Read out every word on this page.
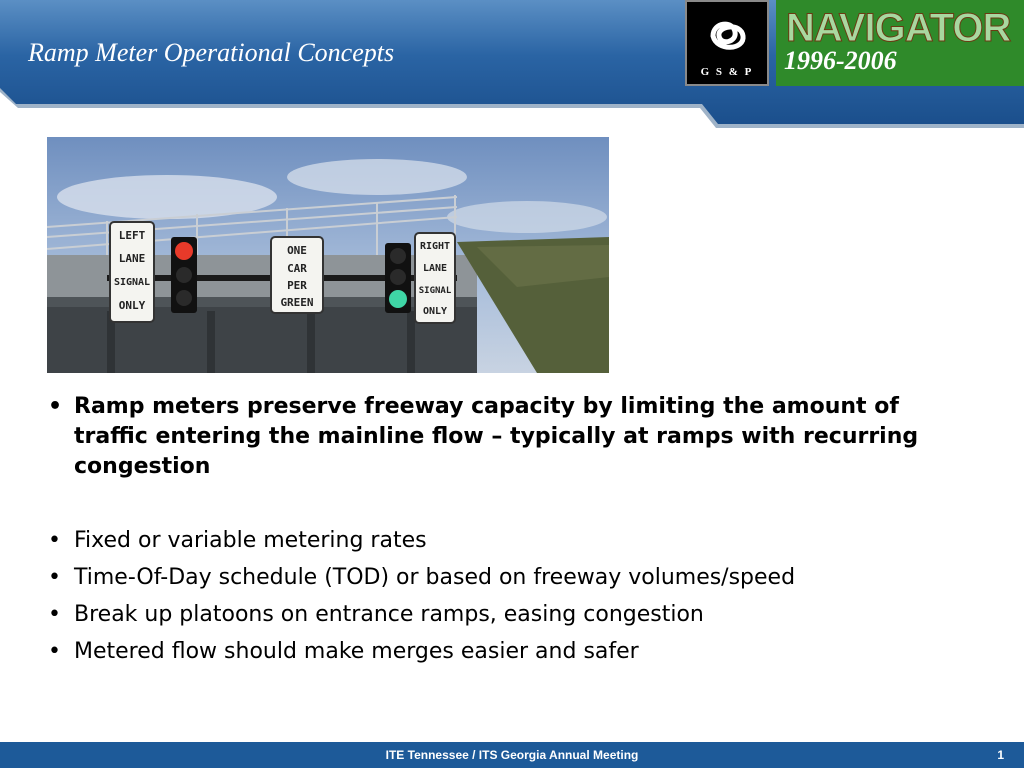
Ramp Meter Operational Concepts
G S & P
NAVIGATOR
1996-2006
LEFT
LANE
SIGNAL
ONLY
ONE
CAR
PER
GREEN
RIGHT
LANE
SIGNAL
ONLY
• Ramp meters preserve freeway capacity by limiting the amount of traffic entering the mainline flow – typically at ramps with recurring congestion
• Fixed or variable metering rates
• Time-Of-Day schedule (TOD) or based on freeway volumes/speed
• Break up platoons on entrance ramps, easing congestion
• Metered flow should make merges easier and safer
ITE Tennessee / ITS Georgia Annual Meeting	1
